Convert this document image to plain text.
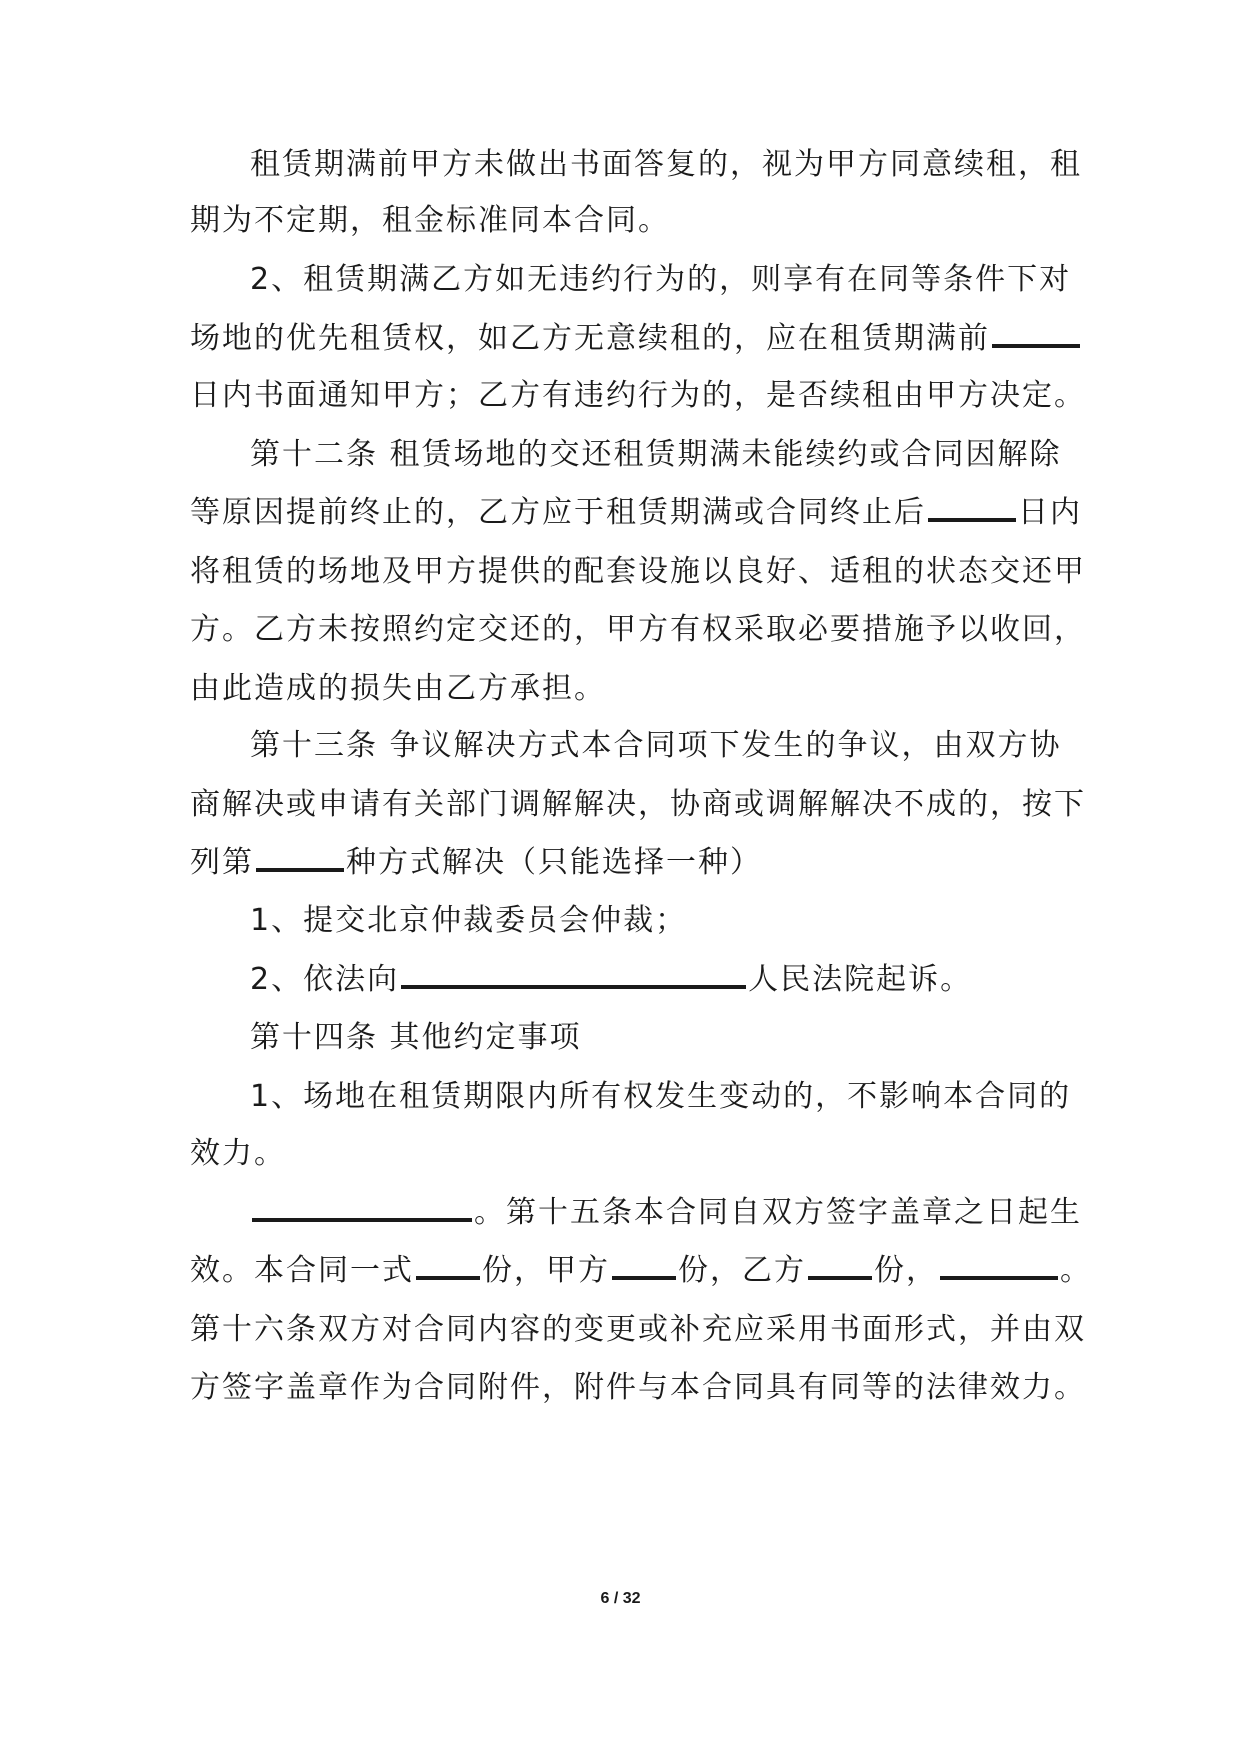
租赁期满前甲方未做出书面答复的，视为甲方同意续租，租
期为不定期，租金标准同本合同。
2、租赁期满乙方如无违约行为的，则享有在同等条件下对
场地的优先租赁权，如乙方无意续租的，应在租赁期满前
日内书面通知甲方；乙方有违约行为的，是否续租由甲方决定。
第十二条 租赁场地的交还租赁期满未能续约或合同因解除
等原因提前终止的，乙方应于租赁期满或合同终止后	日内
将租赁的场地及甲方提供的配套设施以良好、适租的状态交还甲
方。乙方未按照约定交还的，甲方有权采取必要措施予以收回，
由此造成的损失由乙方承担。
第十三条 争议解决方式本合同项下发生的争议，由双方协
商解决或申请有关部门调解解决，协商或调解解决不成的，按下
列第	种方式解决（只能选择一种）
1、提交北京仲裁委员会仲裁；
2、依法向	人民法院起诉。
第十四条 其他约定事项
1、场地在租赁期限内所有权发生变动的，不影响本合同的
效力。
。第十五条本合同自双方签字盖章之日起生
效。本合同一式 份，甲方 份，乙方 份，	。
第十六条双方对合同内容的变更或补充应采用书面形式，并由双
方签字盖章作为合同附件，附件与本合同具有同等的法律效力。
6 / 32
